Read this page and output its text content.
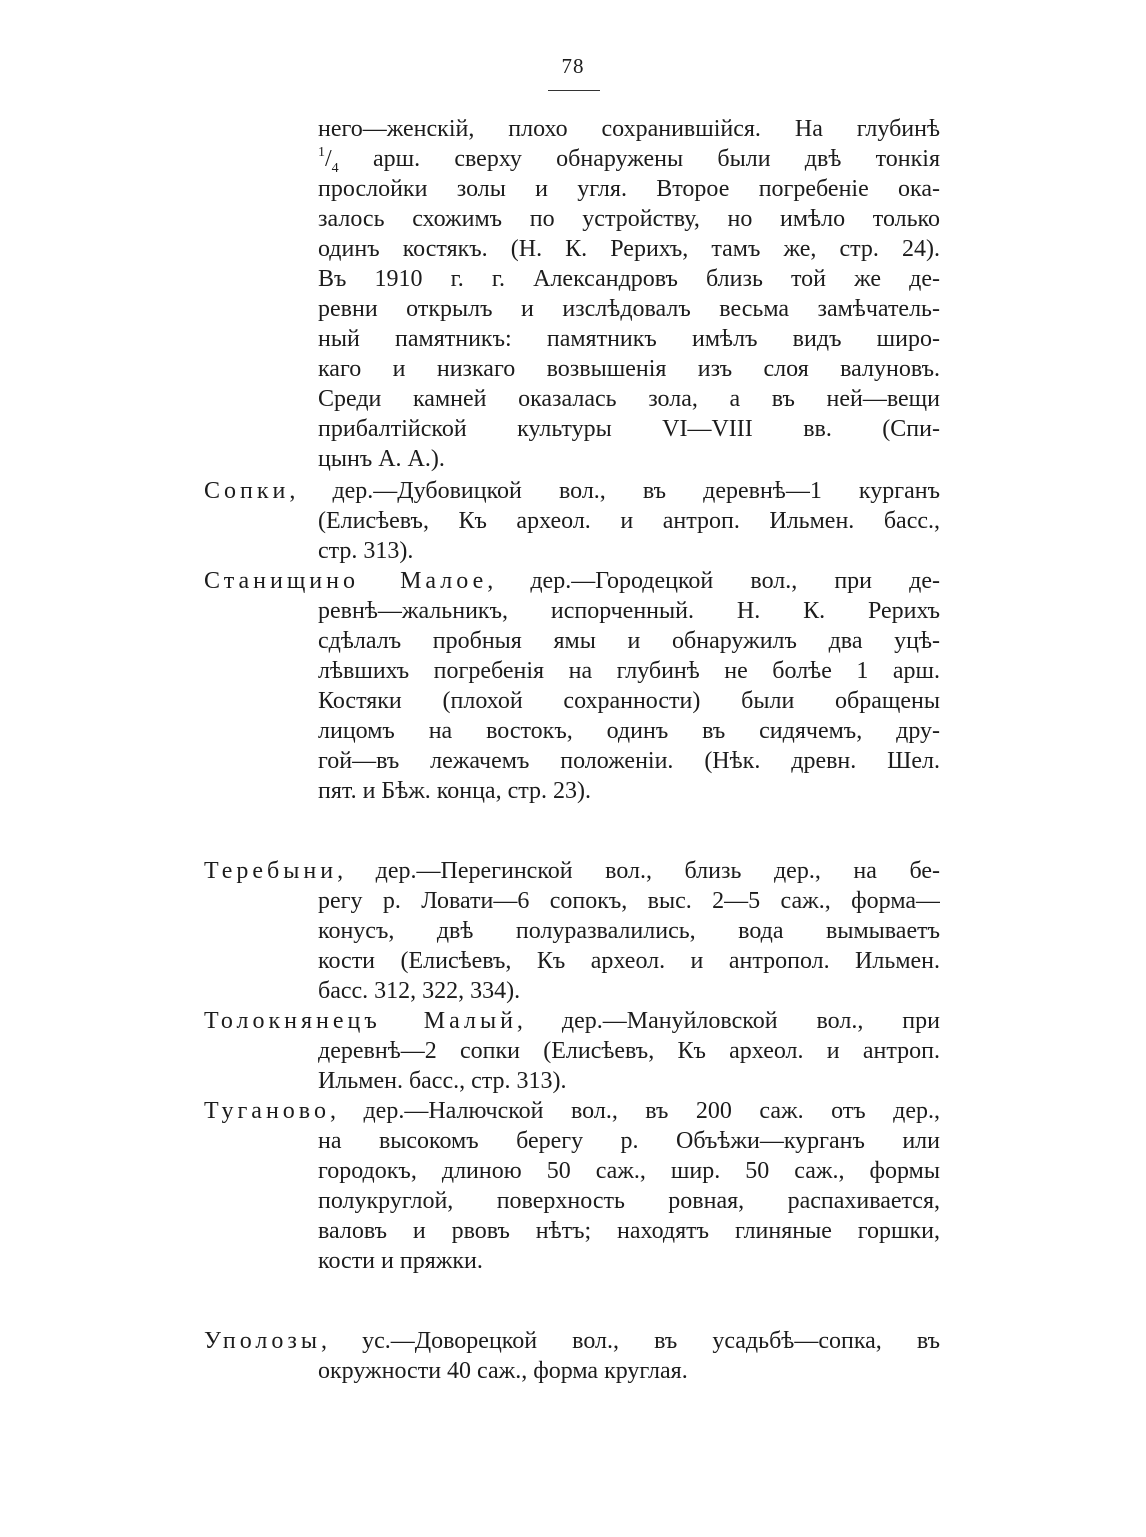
78
него—женскій, плохо сохранившійся. На глубинѣ
$^1/_4$ арш. сверху обнаружены были двѣ тонкія
прослойки золы и угля. Второе погребеніе ока-
залось схожимъ по устройству, но имѣло только
одинъ костякъ. (Н. К. Рерихъ, тамъ же, стр. 24).
Въ 1910 г. г. Александровъ близь той же де-
ревни открылъ и изслѣдовалъ весьма замѣчатель-
ный памятникъ: памятникъ имѣлъ видъ широ-
каго и низкаго возвышенія изъ слоя валуновъ.
Среди камней оказалась зола, а въ ней—вещи
прибалтійской культуры VI—VIII вв. (Спи-
цынъ А. А.).
Сопки, дер.—Дубовицкой вол., въ деревнѣ—1 курганъ
(Елисѣевъ, Къ археол. и антроп. Ильмен. басс.,
стр. 313).
Станищино Малое, дер.—Городецкой вол., при де-
ревнѣ—жальникъ, испорченный. Н. К. Рерихъ
сдѣлалъ пробныя ямы и обнаружилъ два уцѣ-
лѣвшихъ погребенія на глубинѣ не болѣе 1 арш.
Костяки (плохой сохранности) были обращены
лицомъ на востокъ, одинъ въ сидячемъ, дру-
гой—въ лежачемъ положеніи. (Нѣк. древн. Шел.
пят. и Бѣж. конца, стр. 23).
Теребыни, дер.—Перегинской вол., близь дер., на бе-
регу р. Ловати—6 сопокъ, выс. 2—5 саж., форма—
конусъ, двѣ полуразвалились, вода вымываетъ
кости (Елисѣевъ, Къ археол. и антропол. Ильмен.
басс. 312, 322, 334).
Толокнянецъ Малый, дер.—Мануйловской вол., при
деревнѣ—2 сопки (Елисѣевъ, Къ археол. и антроп.
Ильмен. басс., стр. 313).
Туганово, дер.—Налючской вол., въ 200 саж. отъ дер.,
на высокомъ берегу р. Объѣжи—курганъ или
городокъ, длиною 50 саж., шир. 50 саж., формы
полукруглой, поверхность ровная, распахивается,
валовъ и рвовъ нѣтъ; находятъ глиняные горшки,
кости и пряжки.
Уполозы, ус.—Доворецкой вол., въ усадьбѣ—сопка, въ
окружности 40 саж., форма круглая.
